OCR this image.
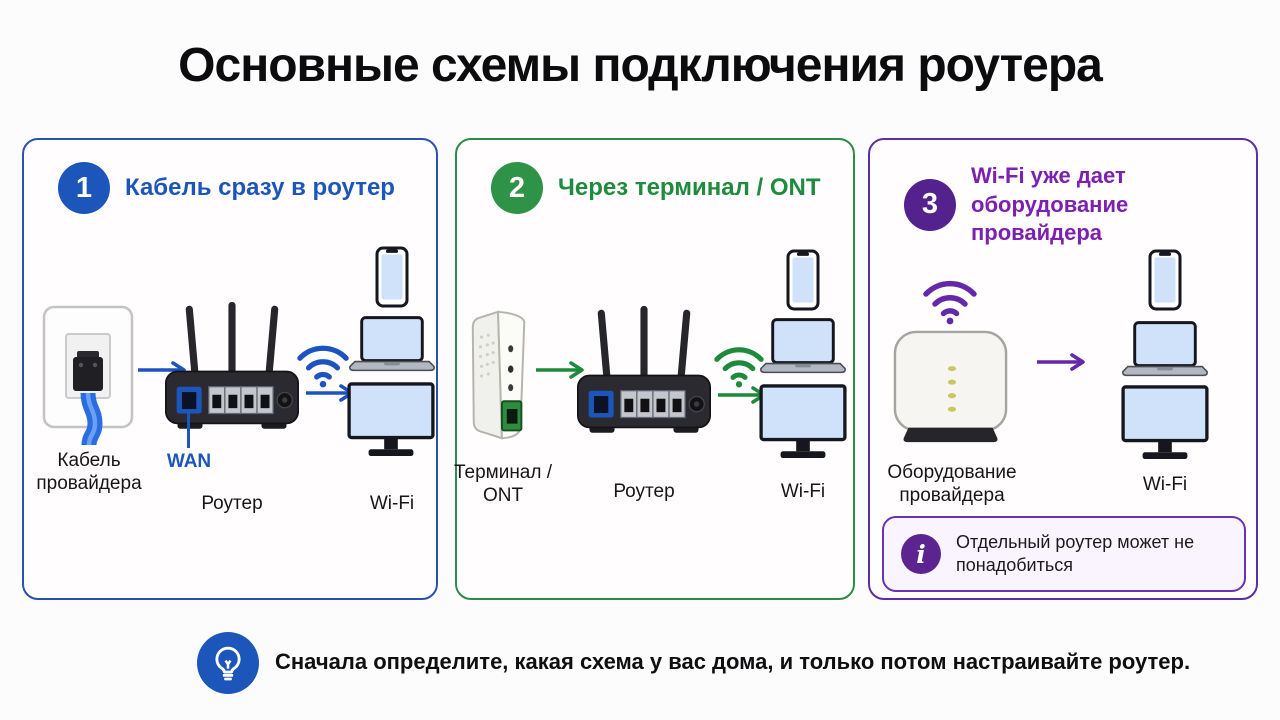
Основные схемы подключения роутера
1	Кабель сразу в роутер
Кабель провайдера
WAN
Роутер	Wi-Fi
2	Через терминал / ONT
Терминал / ONT	Роутер	Wi-Fi
3
Wi-Fi уже дает оборудование провайдера
Оборудование провайдера
Wi-Fi
i	Отдельный роутер может не понадобиться
Сначала определите, какая схема у вас дома, и только потом настраивайте роутер.
